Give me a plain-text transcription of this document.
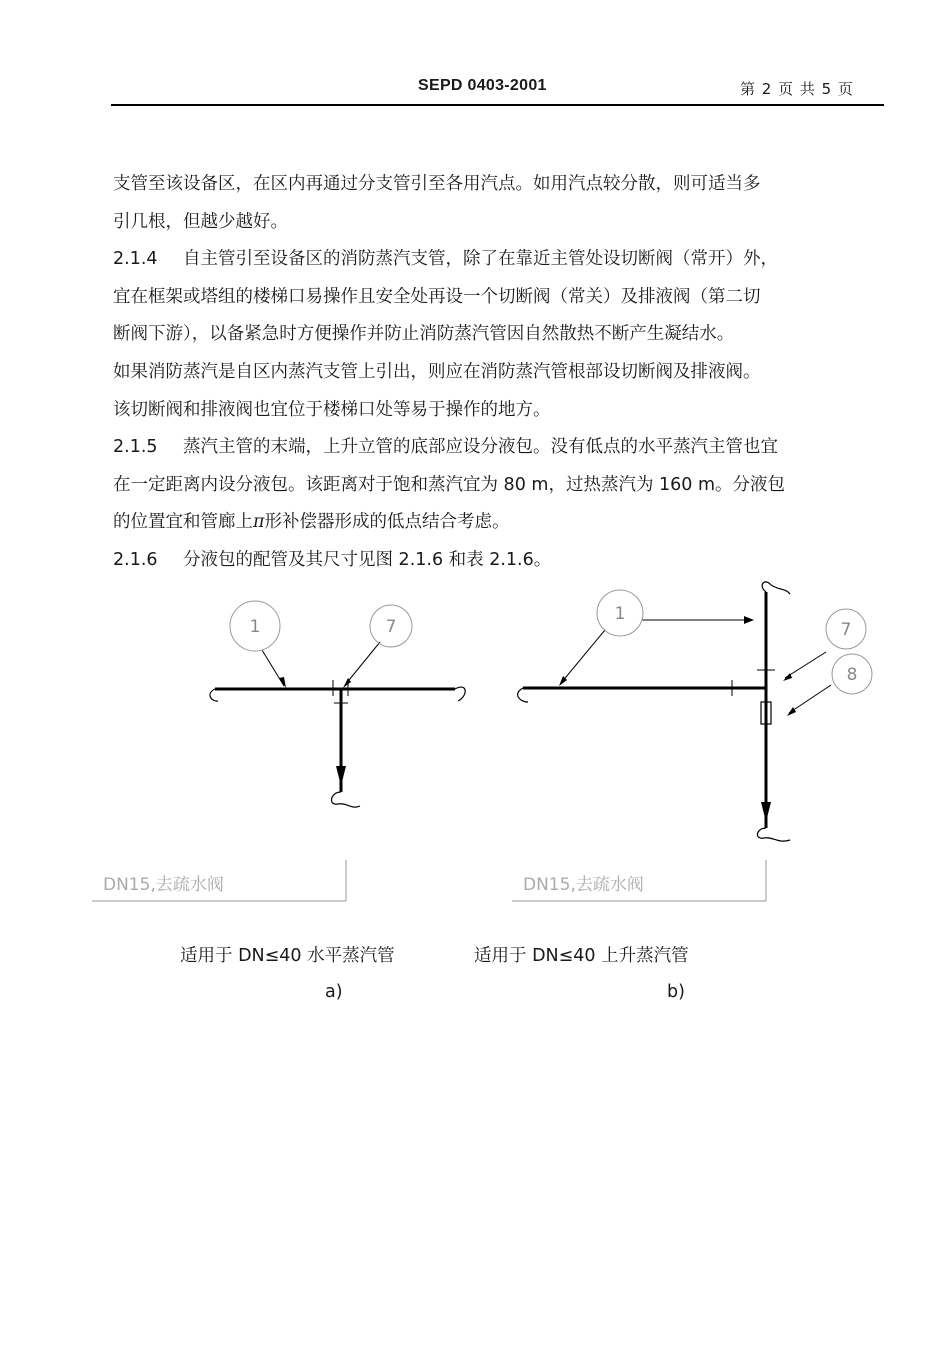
SEPD 0403-2001	第 2 页 共 5 页

支管至该设备区，在区内再通过分支管引至各用汽点。如用汽点较分散，则可适当多

引几根，但越少越好。

2.1.4 自主管引至设备区的消防蒸汽支管，除了在靠近主管处设切断阀（常开）外，

宜在框架或塔组的楼梯口易操作且安全处再设一个切断阀（常关）及排液阀（第二切

断阀下游），以备紧急时方便操作并防止消防蒸汽管因自然散热不断产生凝结水。

如果消防蒸汽是自区内蒸汽支管上引出，则应在消防蒸汽管根部设切断阀及排液阀。

该切断阀和排液阀也宜位于楼梯口处等易于操作的地方。

2.1.5 蒸汽主管的末端，上升立管的底部应设分液包。没有低点的水平蒸汽主管也宜

在一定距离内设分液包。该距离对于饱和蒸汽宜为 80 m，过热蒸汽为 160 m。分液包

的位置宜和管廊上π形补偿器形成的低点结合考虑。

2.1.6 分液包的配管及其尺寸见图 2.1.6 和表 2.1.6。

1	7
DN15,去疏水阀
1
7
8
DN15,去疏水阀
适用于 DN≤40 水平蒸汽管	适用于 DN≤40 上升蒸汽管
a)	b)
